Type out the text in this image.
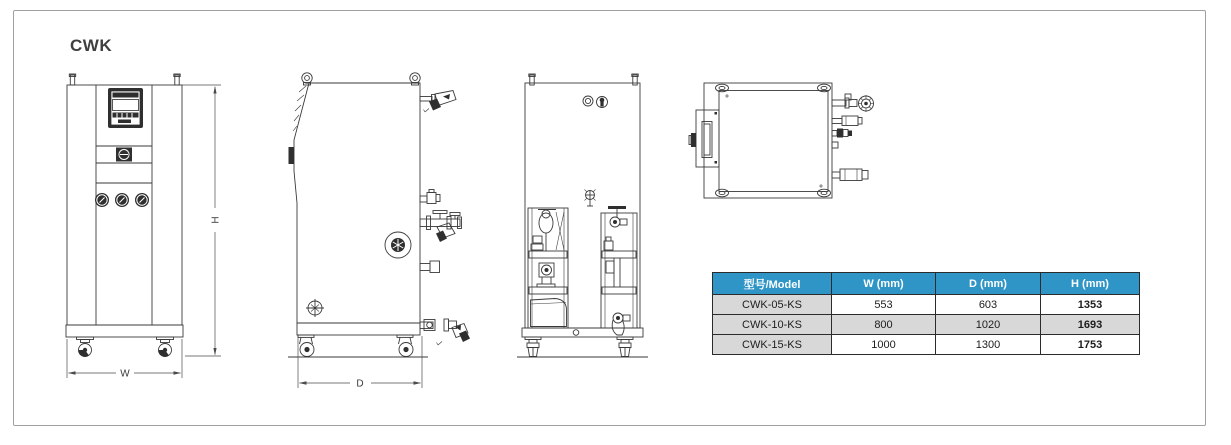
CWK
H
W
D
型号/Model	W (mm)	D (mm)	H (mm)
CWK-05-KS	553	603	1353
CWK-10-KS	800	1020	1693
CWK-15-KS	1000	1300	1753
